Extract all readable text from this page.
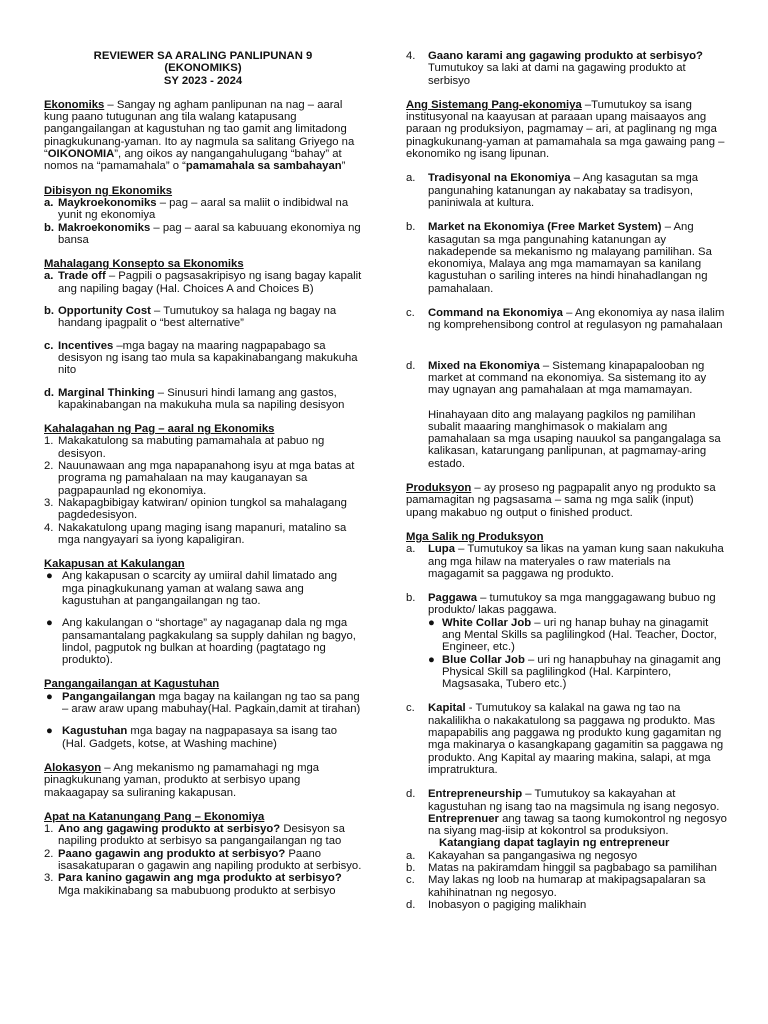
REVIEWER SA ARALING PANLIPUNAN 9
(EKONOMIKS)
SY 2023 - 2024

Ekonomiks – Sangay ng agham panlipunan na nag – aaral kung paano tutugunan ang tila walang katapusang pangangailangan at kagustuhan ng tao gamit ang limitadong pinagkukunang-yaman. Ito ay nagmula sa salitang Griyego na “OIKONOMIA”, ang oikos ay nangangahulugang “bahay” at nomos na “pamamahala” o “pamamahala sa sambahayan”

Dibisyon ng Ekonomiks

a. Maykroekonomiks – pag – aaral sa maliit o indibidwal na yunit ng ekonomiya
b. Makroekonomiks – pag – aaral sa kabuuang ekonomiya ng bansa

Mahalagang Konsepto sa Ekonomiks

a. Trade off – Pagpili o pagsasakripisyo ng isang bagay kapalit ang napiling bagay (Hal. Choices A and Choices B)
b. Opportunity Cost – Tumutukoy sa halaga ng bagay na handang ipagpalit o “best alternative”
c. Incentives –mga bagay na maaring nagpapabago sa desisyon ng isang tao mula sa kapakinabangang makukuha nito
d. Marginal Thinking – Sinusuri hindi lamang ang gastos, kapakinabangan na makukuha mula sa napiling desisyon

Kahalagahan ng Pag – aaral ng Ekonomiks

1. Makakatulong sa mabuting pamamahala at pabuo ng desisyon.
2. Nauunawaan ang mga napapanahong isyu at mga batas at programa ng pamahalaan na may kauganayan sa pagpapaunlad ng ekonomiya.
3. Nakapagbibigay katwiran/ opinion tungkol sa mahalagang pagdedesisyon.
4. Nakakatulong upang maging isang mapanuri, matalino sa mga nangyayari sa iyong kapaligiran.

Kakapusan at Kakulangan

● Ang kakapusan o scarcity ay umiiral dahil limatado ang mga pinagkukunang yaman at walang sawa ang kagustuhan at pangangailangan ng tao.
● Ang kakulangan o “shortage” ay nagaganap dala ng mga pansamantalang pagkakulang sa supply dahilan ng bagyo, lindol, pagputok ng bulkan at hoarding (pagtatago ng produkto).

Pangangailangan at Kagustuhan

● Pangangailangan mga bagay na kailangan ng tao sa pang – araw araw upang mabuhay(Hal. Pagkain,damit at tirahan)
● Kagustuhan mga bagay na nagpapasaya sa isang tao (Hal. Gadgets, kotse, at Washing machine)

Alokasyon – Ang mekanismo ng pamamahagi ng mga pinagkukunang yaman, produkto at serbisyo upang makaagapay sa suliraning kakapusan.

Apat na Katanungang Pang – Ekonomiya

1. Ano ang gagawing produkto at serbisyo? Desisyon sa napiling produkto at serbisyo sa pangangailangan ng tao
2. Paano gagawin ang produkto at serbisyo? Paano isasakatuparan o gagawin ang napiling produkto at serbisyo.
3. Para kanino gagawin ang mga produkto at serbisyo? Mga makikinabang sa mabubuong produkto at serbisyo
4. Gaano karami ang gagawing produkto at serbisyo? Tumutukoy sa laki at dami na gagawing produkto at serbisyo

Ang Sistemang Pang-ekonomiya –Tumutukoy sa isang institusyonal na kaayusan at paraaan upang maisaayos ang paraan ng produksiyon, pagmamay – ari, at paglinang ng mga pinagkukunang-yaman at pamamahala sa mga gawaing pang – ekonomiko ng isang lipunan.

a. Tradisyonal na Ekonomiya – Ang kasagutan sa mga pangunahing katanungan ay nakabatay sa tradisyon, paniniwala at kultura.
b. Market na Ekonomiya (Free Market System) – Ang kasagutan sa mga pangunahing katanungan ay nakadepende sa mekanismo ng malayang pamilihan. Sa ekonomiya, Malaya ang mga mamamayan sa kanilang kagustuhan o sariling interes na hindi hinahadlangan ng pamahalaan.
c. Command na Ekonomiya – Ang ekonomiya ay nasa ilalim ng komprehensibong control at regulasyon ng pamahalaan
d. Mixed na Ekonomiya – Sistemang kinapapalooban ng market at command na ekonomiya. Sa sistemang ito ay may ugnayan ang pamahalaan at mga mamamayan.

Hinahayaan dito ang malayang pagkilos ng pamilihan subalit maaaring manghimasok o makialam ang pamahalaan sa mga usaping nauukol sa pangangalaga sa kalikasan, katarungang panlipunan, at pagmamay-aring estado.

Produksyon – ay proseso ng pagpapalit anyo ng produkto sa pamamagitan ng pagsasama – sama ng mga salik (input) upang makabuo ng output o finished product.

Mga Salik ng Produksyon

a. Lupa – Tumutukoy sa likas na yaman kung saan nakukuha ang mga hilaw na materyales o raw materials na magagamit sa paggawa ng produkto.
b. Paggawa – tumutukoy sa mga manggagawang bubuo ng produkto/ lakas paggawa.
● White Collar Job – uri ng hanap buhay na ginagamit ang Mental Skills sa paglilingkod (Hal. Teacher, Doctor, Engineer, etc.)
● Blue Collar Job – uri ng hanapbuhay na ginagamit ang Physical Skill sa paglilingkod (Hal. Karpintero, Magsasaka, Tubero etc.)
c. Kapital - Tumutukoy sa kalakal na gawa ng tao na nakalilikha o nakakatulong sa paggawa ng produkto. Mas mapapabilis ang paggawa ng produkto kung gagamitan ng mga makinarya o kasangkapang gagamitin sa paggawa ng produkto. Ang Kapital ay maaring makina, salapi, at mga impratruktura.
d. Entrepreneurship – Tumutukoy sa kakayahan at kagustuhan ng isang tao na magsimula ng isang negosyo. Entreprenuer ang tawag sa taong kumokontrol ng negosyo na siyang mag-iisip at kokontrol sa produksiyon.

Katangiang dapat taglayin ng entrepreneur

a. Kakayahan sa pangangasiwa ng negosyo
b. Matas na pakiramdam hinggil sa pagbabago sa pamilihan
c. May lakas ng loob na humarap at makipagsapalaran sa kahihinatnan ng negosyo.
d. Inobasyon o pagiging malikhain
